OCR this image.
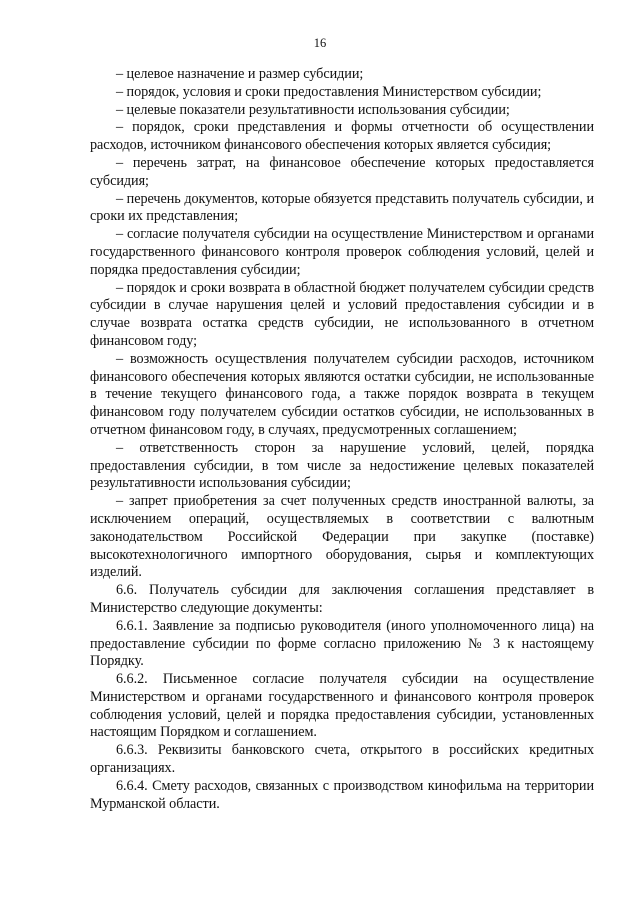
16

– целевое назначение и размер субсидии;

– порядок, условия и сроки предоставления Министерством субсидии;

– целевые показатели результативности использования субсидии;

– порядок, сроки представления и формы отчетности об осуществлении расходов, источником финансового обеспечения которых является субсидия;

– перечень затрат, на финансовое обеспечение которых предоставляется субсидия;

– перечень документов, которые обязуется представить получатель субсидии, и сроки их представления;

– согласие получателя субсидии на осуществление Министерством и органами государственного финансового контроля проверок соблюдения условий, целей и порядка предоставления субсидии;

– порядок и сроки возврата в областной бюджет получателем субсидии средств субсидии в случае нарушения целей и условий предоставления субсидии и в случае возврата остатка средств субсидии, не использованного в отчетном финансовом году;

– возможность осуществления получателем субсидии расходов, источником финансового обеспечения которых являются остатки субсидии, не использованные в течение текущего финансового года, а также порядок возврата в текущем финансовом году получателем субсидии остатков субсидии, не использованных в отчетном финансовом году, в случаях, предусмотренных соглашением;

– ответственность сторон за нарушение условий, целей, порядка предоставления субсидии, в том числе за недостижение целевых показателей результативности использования субсидии;

– запрет приобретения за счет полученных средств иностранной валюты, за исключением операций, осуществляемых в соответствии с валютным законодательством Российской Федерации при закупке (поставке) высокотехнологичного импортного оборудования, сырья и комплектующих изделий.

6.6. Получатель субсидии для заключения соглашения представляет в Министерство следующие документы:

6.6.1. Заявление за подписью руководителя (иного уполномоченного лица) на предоставление субсидии по форме согласно приложению № 3 к настоящему Порядку.

6.6.2. Письменное согласие получателя субсидии на осуществление Министерством и органами государственного и финансового контроля проверок соблюдения условий, целей и порядка предоставления субсидии, установленных настоящим Порядком и соглашением.

6.6.3. Реквизиты банковского счета, открытого в российских кредитных организациях.

6.6.4. Смету расходов, связанных с производством кинофильма на территории Мурманской области.
